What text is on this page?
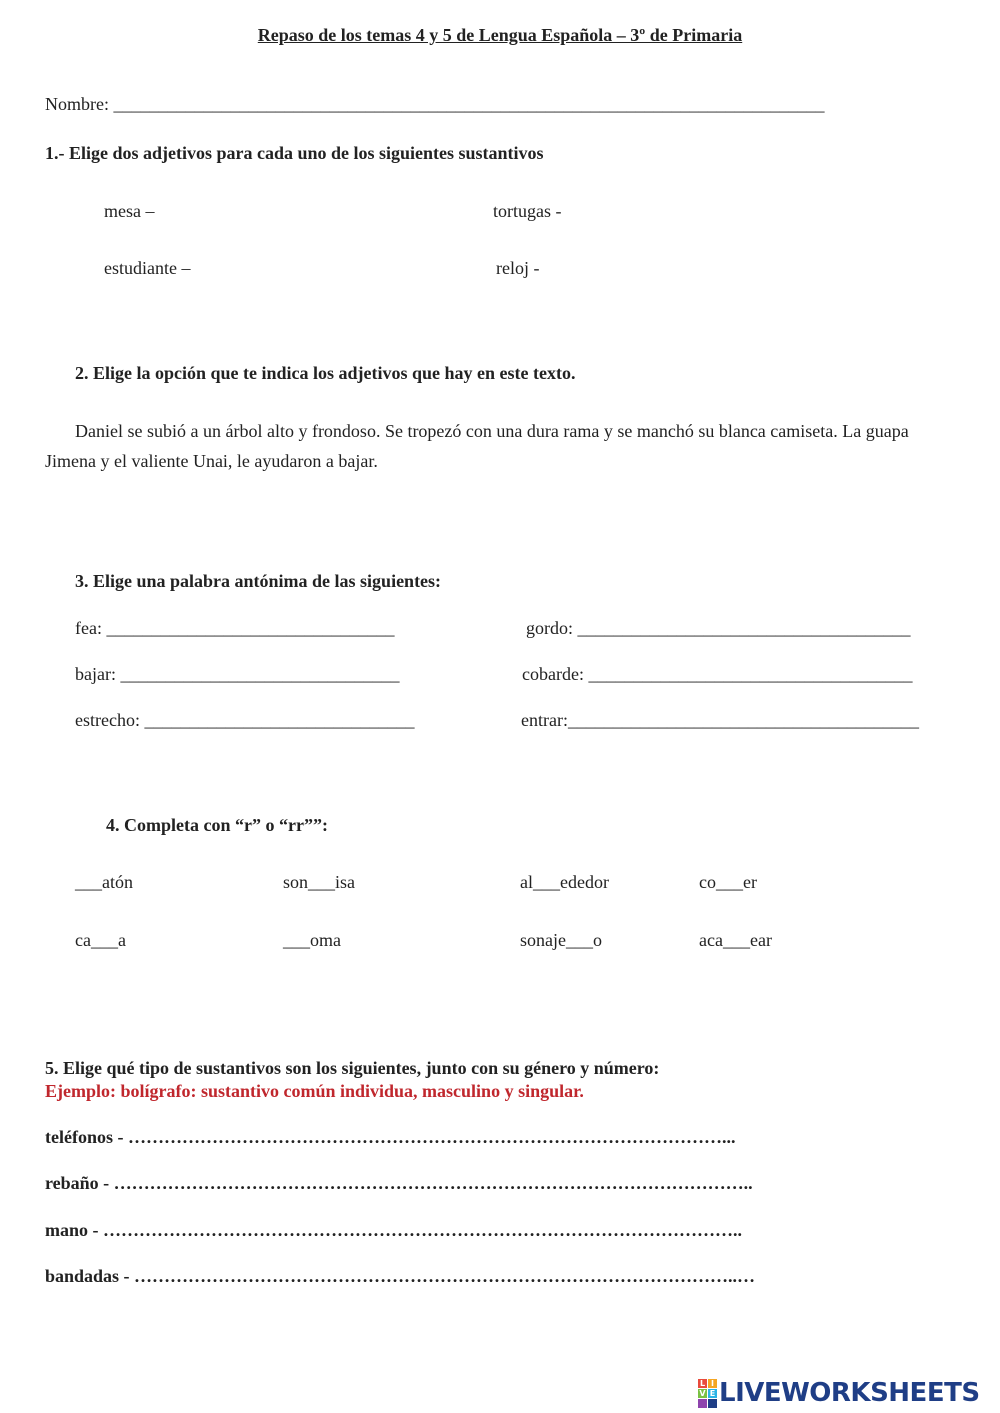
Repaso de los temas 4 y 5 de Lengua Española – 3º de Primaria
Nombre: _______________________________________________________________________________
1.- Elige dos adjetivos para cada uno de los siguientes sustantivos
mesa –	tortugas -
estudiante –	reloj -
2. Elige la opción que te indica los adjetivos que hay en este texto.
Daniel se subió a un árbol alto y frondoso. Se tropezó con una dura rama y se manchó su blanca camiseta. La guapa Jimena y el valiente Unai, le ayudaron a bajar.
3. Elige una palabra antónima de las siguientes:
fea: ________________________________	gordo: _____________________________________
bajar: _______________________________	cobarde: ____________________________________
estrecho: ______________________________	entrar:_______________________________________
4. Completa con “r” o “rr””:
___atón	son___isa	al___ededor	co___er
ca___a	___oma	sonaje___o	aca___ear
5. Elige qué tipo de sustantivos son los siguientes, junto con su género y número:
Ejemplo: bolígrafo: sustantivo común individua, masculino y singular.
teléfonos - ………………………………………………………………………………………...
rebaño - ……………………………………………………………………………………………..
mano - ……………………………………………………………………………………………..
bandadas - ………………………………………………………………………………………..…
L I
V E LIVEWORKSHEETS
